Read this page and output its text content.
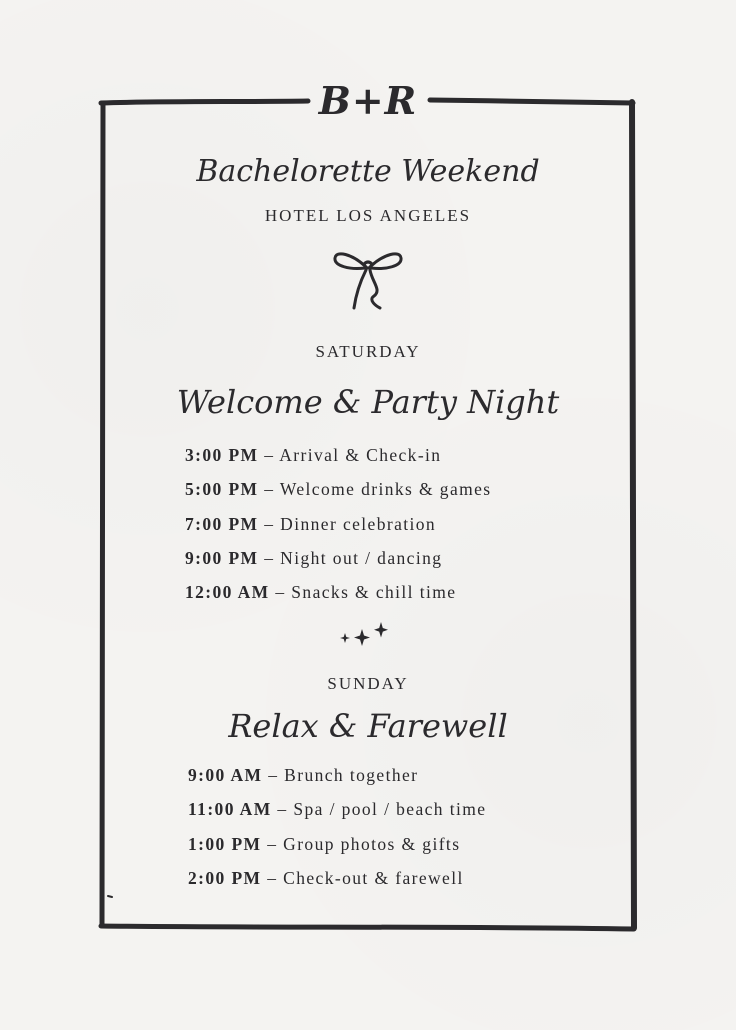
B+R
Bachelorette Weekend
HOTEL LOS ANGELES
SATURDAY
Welcome & Party Night
3:00 PM – Arrival & Check-in
5:00 PM – Welcome drinks & games
7:00 PM – Dinner celebration
9:00 PM – Night out / dancing
12:00 AM – Snacks & chill time
SUNDAY
Relax & Farewell
9:00 AM – Brunch together
11:00 AM – Spa / pool / beach time
1:00 PM – Group photos & gifts
2:00 PM – Check-out & farewell
